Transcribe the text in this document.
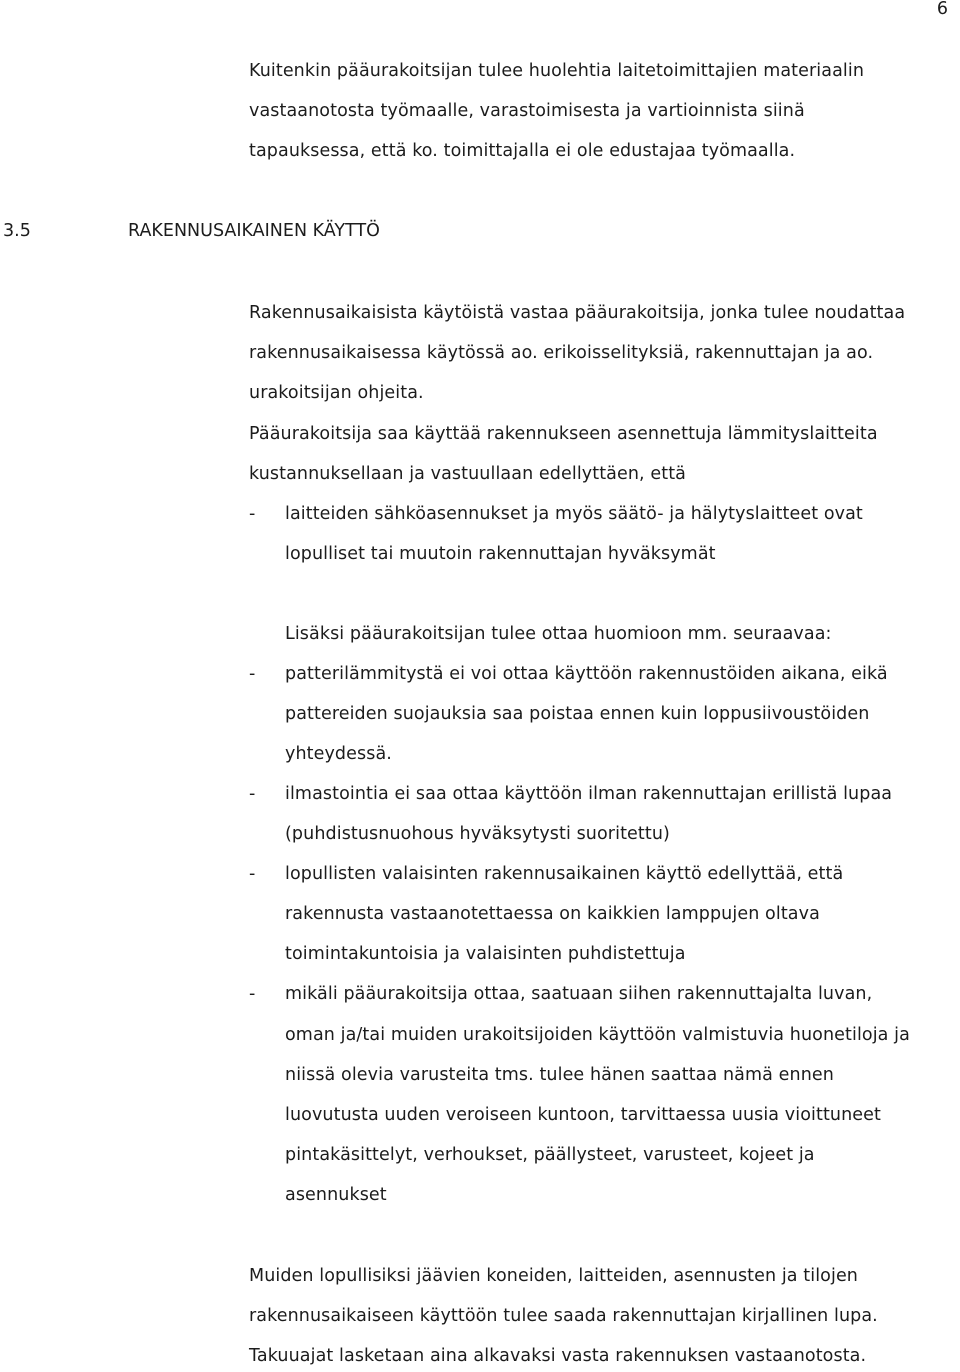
6
Kuitenkin pääurakoitsijan tulee huolehtia laitetoimittajien materiaalin
vastaanotosta työmaalle, varastoimisesta ja vartioinnista siinä
tapauksessa, että ko. toimittajalla ei ole edustajaa työmaalla.
3.5	RAKENNUSAIKAINEN KÄYTTÖ
Rakennusaikaisista käytöistä vastaa pääurakoitsija, jonka tulee noudattaa
rakennusaikaisessa käytössä ao. erikoisselityksiä, rakennuttajan ja ao.
urakoitsijan ohjeita.
Pääurakoitsija saa käyttää rakennukseen asennettuja lämmityslaitteita
kustannuksellaan ja vastuullaan edellyttäen, että
- laitteiden sähköasennukset ja myös säätö- ja hälytyslaitteet ovat
lopulliset tai muutoin rakennuttajan hyväksymät
Lisäksi pääurakoitsijan tulee ottaa huomioon mm. seuraavaa:
- patterilämmitystä ei voi ottaa käyttöön rakennustöiden aikana, eikä
pattereiden suojauksia saa poistaa ennen kuin loppusiivoustöiden
yhteydessä.
- ilmastointia ei saa ottaa käyttöön ilman rakennuttajan erillistä lupaa
(puhdistusnuohous hyväksytysti suoritettu)
- lopullisten valaisinten rakennusaikainen käyttö edellyttää, että
rakennusta vastaanotettaessa on kaikkien lamppujen oltava
toimintakuntoisia ja valaisinten puhdistettuja
- mikäli pääurakoitsija ottaa, saatuaan siihen rakennuttajalta luvan,
oman ja/tai muiden urakoitsijoiden käyttöön valmistuvia huonetiloja ja
niissä olevia varusteita tms. tulee hänen saattaa nämä ennen
luovutusta uuden veroiseen kuntoon, tarvittaessa uusia vioittuneet
pintakäsittelyt, verhoukset, päällysteet, varusteet, kojeet ja
asennukset
Muiden lopullisiksi jäävien koneiden, laitteiden, asennusten ja tilojen
rakennusaikaiseen käyttöön tulee saada rakennuttajan kirjallinen lupa.
Takuuajat lasketaan aina alkavaksi vasta rakennuksen vastaanotosta.
